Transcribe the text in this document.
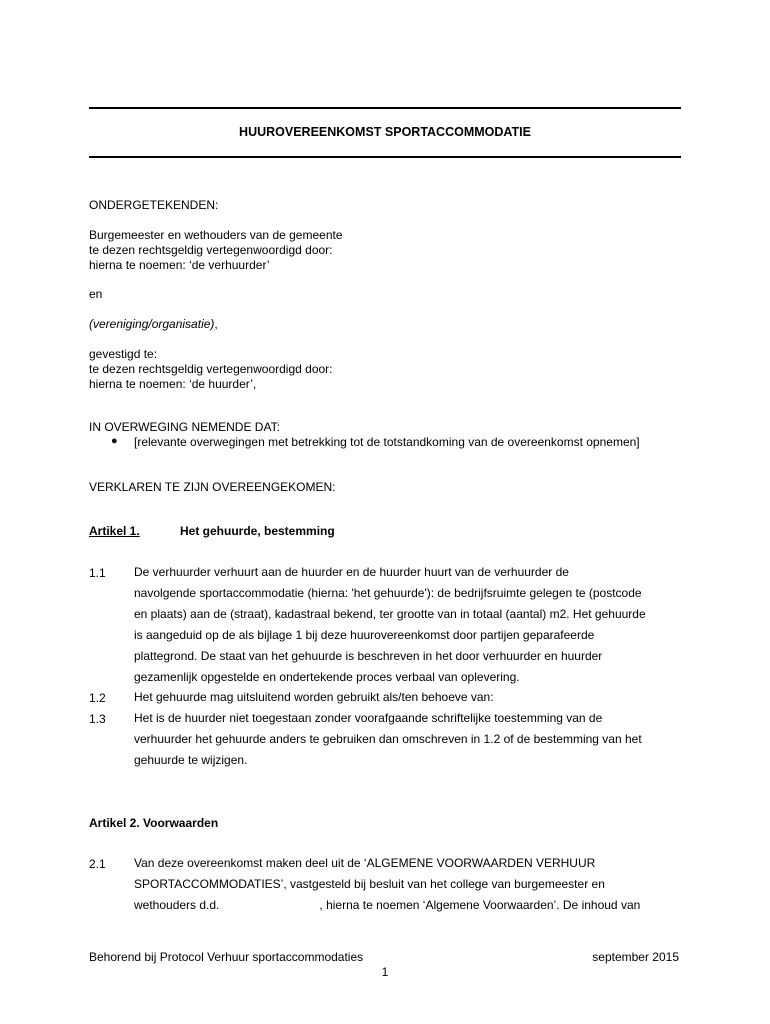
HUUROVEREENKOMST SPORTACCOMMODATIE
ONDERGETEKENDEN:
Burgemeester en wethouders van de gemeente
te dezen rechtsgeldig vertegenwoordigd door:
hierna te noemen: ‘de verhuurder’
en
(vereniging/organisatie),
gevestigd te:
te dezen rechtsgeldig vertegenwoordigd door:
hierna te noemen: ‘de huurder’,
IN OVERWEGING NEMENDE DAT:
● [relevante overwegingen met betrekking tot de totstandkoming van de overeenkomst opnemen]
VERKLAREN TE ZIJN OVEREENGEKOMEN:
Artikel 1.	Het gehuurde, bestemming
1.1 De verhuurder verhuurt aan de huurder en de huurder huurt van de verhuurder de
navolgende sportaccommodatie (hierna: 'het gehuurde'): de bedrijfsruimte gelegen te (postcode
en plaats) aan de (straat), kadastraal bekend, ter grootte van in totaal (aantal) m2. Het gehuurde
is aangeduid op de als bijlage 1 bij deze huurovereenkomst door partijen geparafeerde
plattegrond. De staat van het gehuurde is beschreven in het door verhuurder en huurder
gezamenlijk opgestelde en ondertekende proces verbaal van oplevering.
1.2 Het gehuurde mag uitsluitend worden gebruikt als/ten behoeve van:
1.3 Het is de huurder niet toegestaan zonder voorafgaande schriftelijke toestemming van de
verhuurder het gehuurde anders te gebruiken dan omschreven in 1.2 of de bestemming van het
gehuurde te wijzigen.
Artikel 2. Voorwaarden
2.1 Van deze overeenkomst maken deel uit de ‘ALGEMENE VOORWAARDEN VERHUUR
SPORTACCOMMODATIES’, vastgesteld bij besluit van het college van burgemeester en
wethouders d.d.                              , hierna te noemen ‘Algemene Voorwaarden’. De inhoud van
Behorend bij Protocol Verhuur sportaccommodaties	september 2015
1
